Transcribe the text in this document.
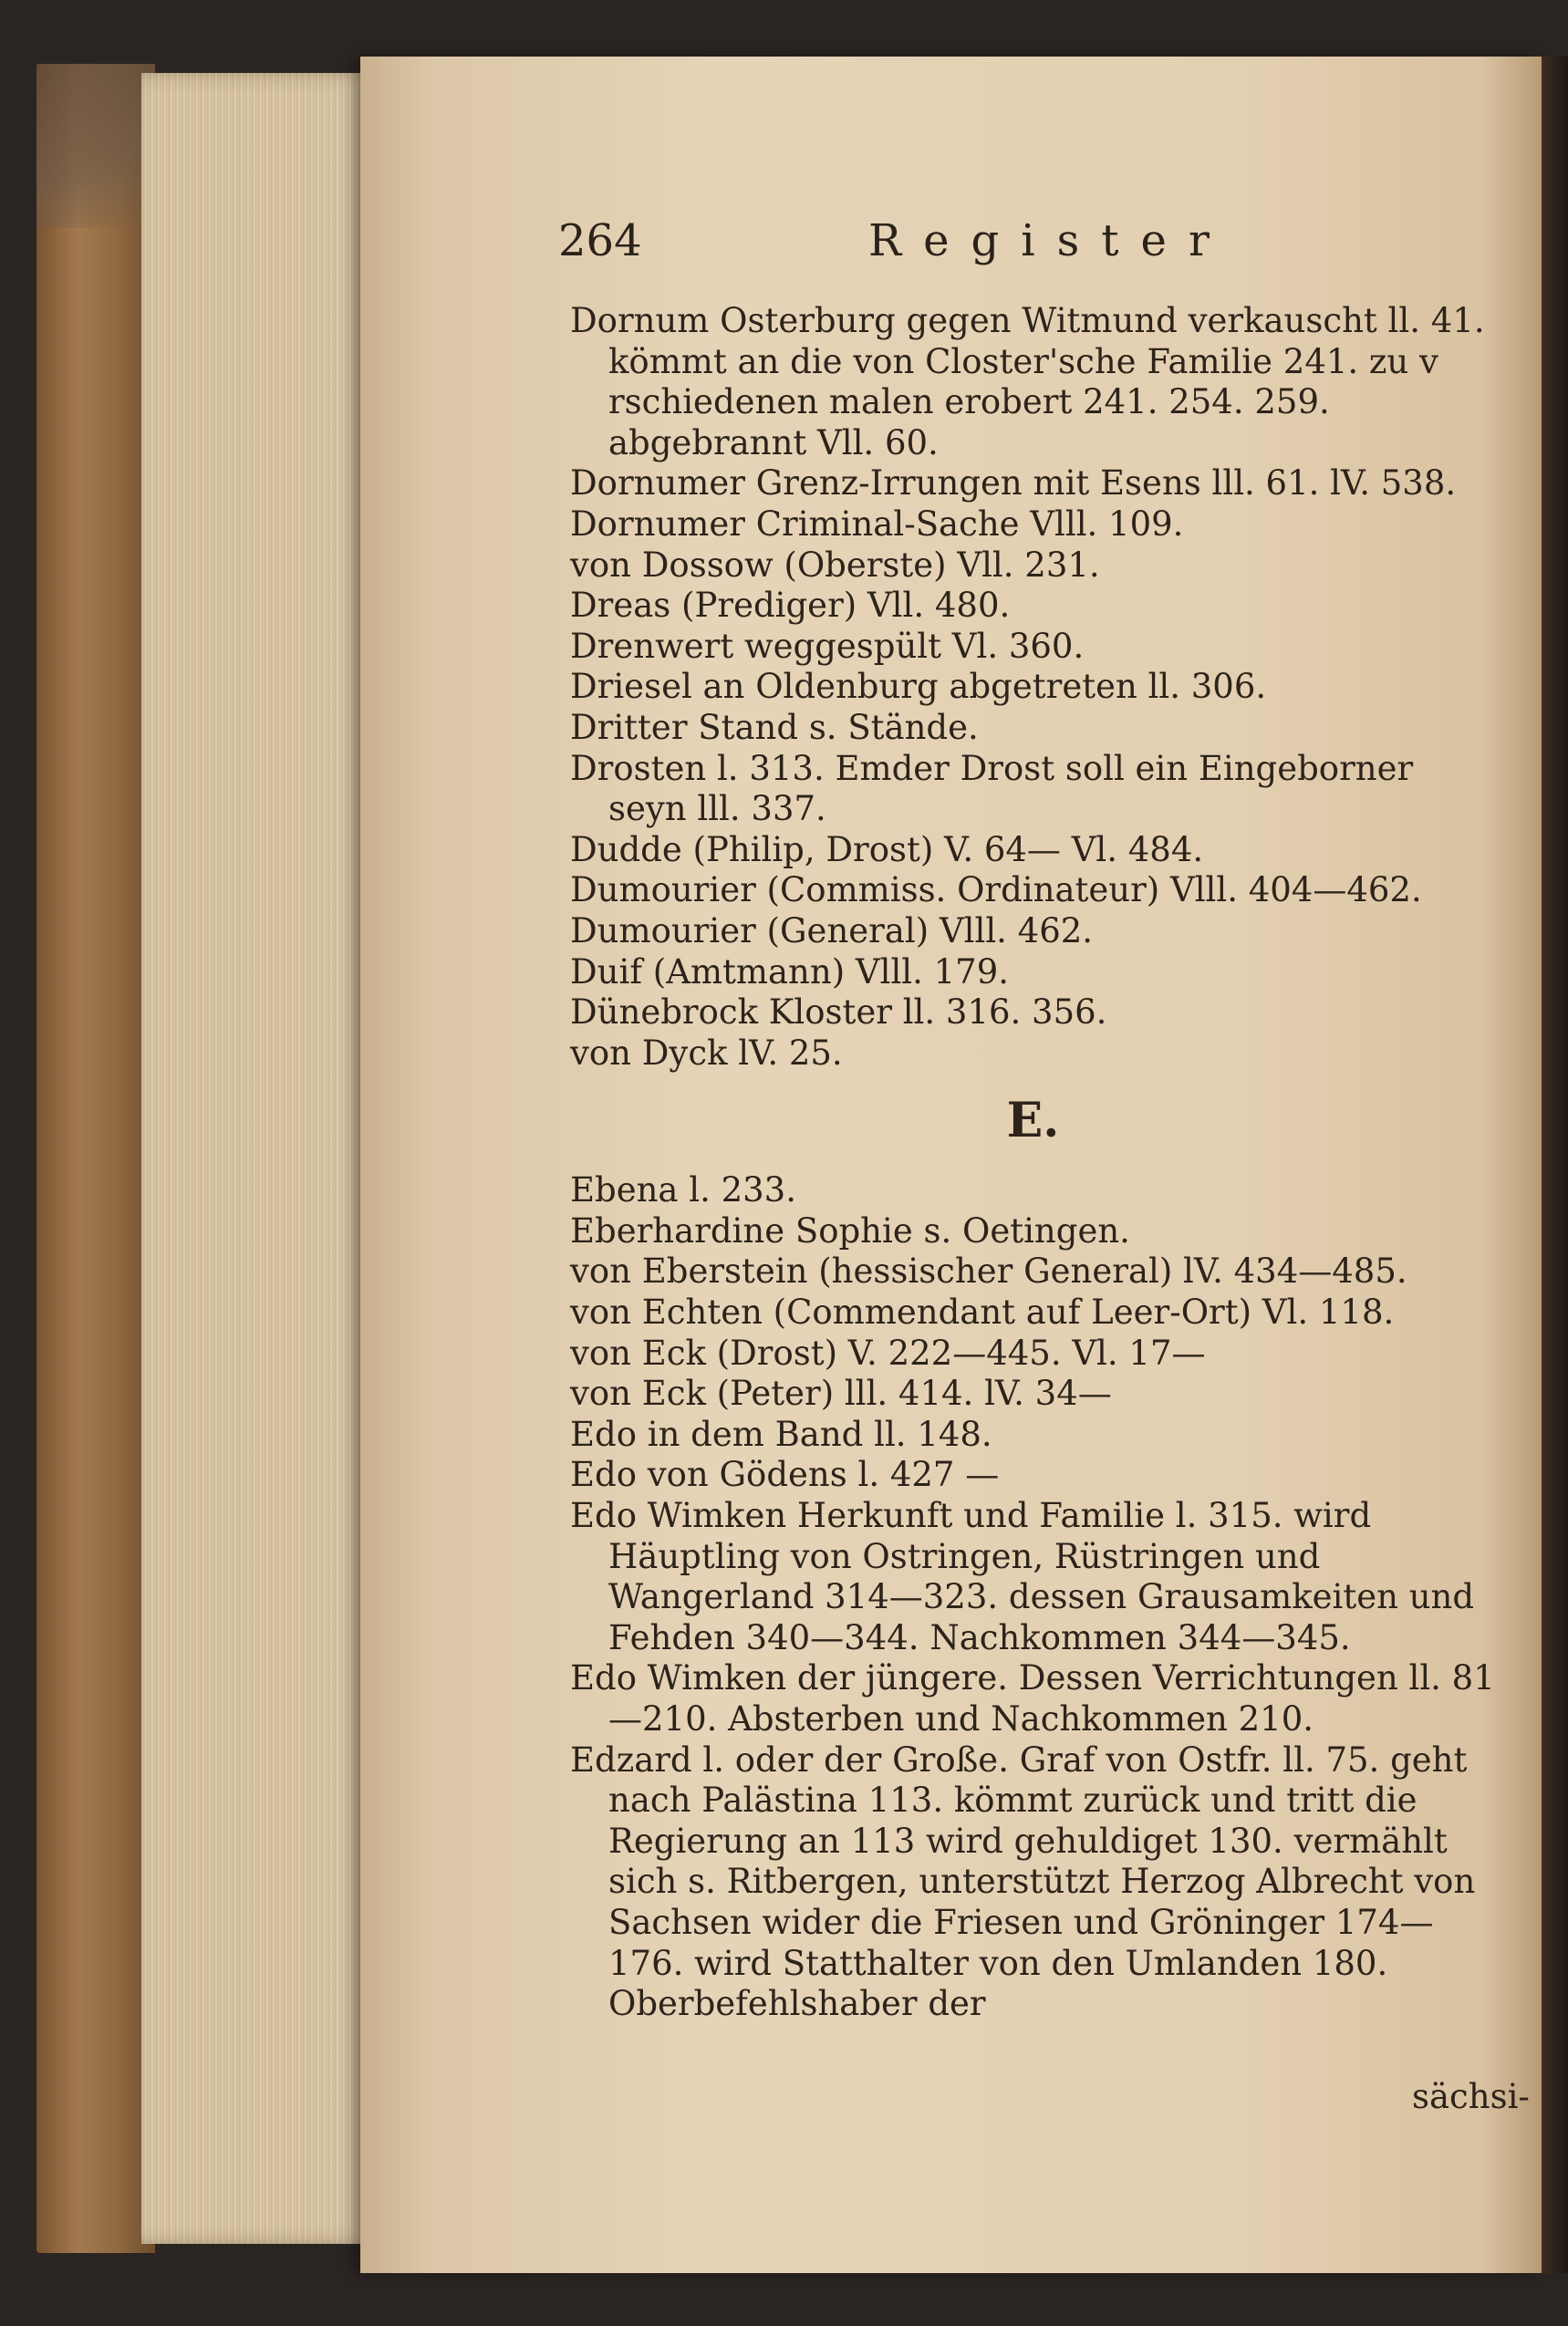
264	Register
Dornum Osterburg gegen Witmund verkauscht ll. 41. kömmt an die von Closter'sche Familie 241. zu v rschiedenen malen erobert 241. 254. 259. abgebrannt Vll. 60.
Dornumer Grenz-Irrungen mit Esens lll. 61. lV. 538.
Dornumer Criminal-Sache Vlll. 109.
von Dossow (Oberste) Vll. 231.
Dreas (Prediger) Vll. 480.
Drenwert weggespült Vl. 360.
Driesel an Oldenburg abgetreten ll. 306.
Dritter Stand s. Stände.
Drosten l. 313. Emder Drost soll ein Eingeborner seyn lll. 337.
Dudde (Philip, Drost) V. 64— Vl. 484.
Dumourier (Commiss. Ordinateur) Vlll. 404—462.
Dumourier (General) Vlll. 462.
Duif (Amtmann) Vlll. 179.
Dünebrock Kloster ll. 316. 356.
von Dyck lV. 25.
E.
Ebena l. 233.
Eberhardine Sophie s. Oetingen.
von Eberstein (hessischer General) lV. 434—485.
von Echten (Commendant auf Leer-Ort) Vl. 118.
von Eck (Drost) V. 222—445. Vl. 17—
von Eck (Peter) lll. 414. lV. 34—
Edo in dem Band ll. 148.
Edo von Gödens l. 427 —
Edo Wimken Herkunft und Familie l. 315. wird Häuptling von Ostringen, Rüstringen und Wangerland 314—323. dessen Grausamkeiten und Fehden 340—344. Nachkommen 344—345.
Edo Wimken der jüngere. Dessen Verrichtungen ll. 81—210. Absterben und Nachkommen 210.
Edzard l. oder der Große. Graf von Ostfr. ll. 75. geht nach Palästina 113. kömmt zurück und tritt die Regierung an 113 wird gehuldiget 130. vermählt sich s. Ritbergen, unterstützt Herzog Albrecht von Sachsen wider die Friesen und Gröninger 174—176. wird Statthalter von den Umlanden 180. Oberbefehlshaber der
sächsi-
